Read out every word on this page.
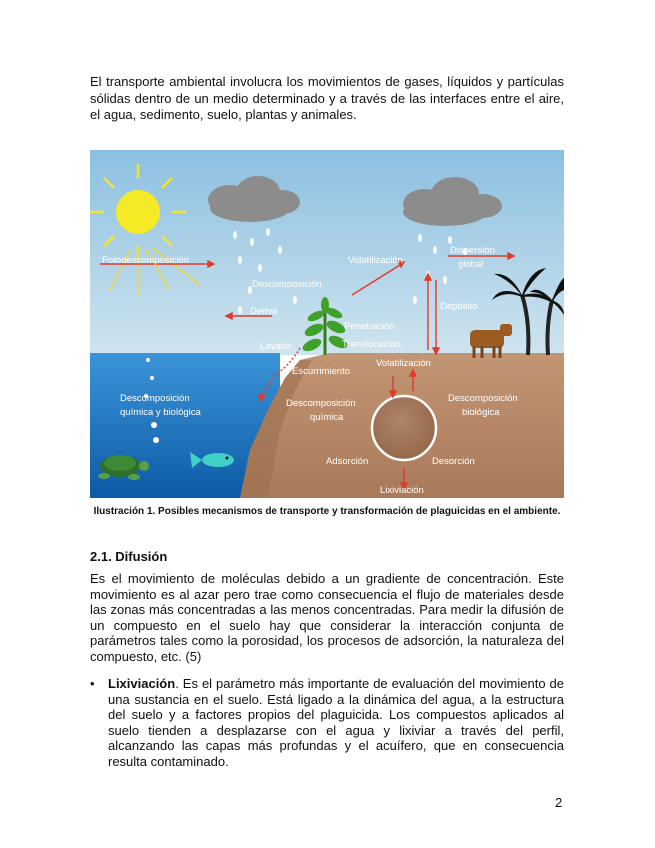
El transporte ambiental involucra los movimientos de gases, líquidos y partículas sólidas dentro de un medio determinado y a través de las interfaces entre el aire, el agua, sedimento, suelo, plantas y animales.

Fotodescomposición	Volatilización
Dispersión
global
Descomposición
Deriva	Depósito
Penetración
Translocación
Lavado
Volatilización
Escurrimiento
Descomposición
química y biológica
Descomposición
química
Descomposición
biológica
Adsorción	Desorción
Lixiviación

Ilustración 1. Posibles mecanismos de transporte y transformación de plaguicidas en el ambiente.

2.1. Difusión

Es el movimiento de moléculas debido a un gradiente de concentración. Este movimiento es al azar pero trae como consecuencia el flujo de materiales desde las zonas más concentradas a las menos concentradas. Para medir la difusión de un compuesto en el suelo hay que considerar la interacción conjunta de parámetros tales como la porosidad, los procesos de adsorción, la naturaleza del compuesto, etc. (5)

• Lixiviación. Es el parámetro más importante de evaluación del movimiento de una sustancia en el suelo. Está ligado a la dinámica del agua, a la estructura del suelo y a factores propios del plaguicida. Los compuestos aplicados al suelo tienden a desplazarse con el agua y lixiviar a través del perfil, alcanzando las capas más profundas y el acuífero, que en consecuencia resulta contaminado.

2
